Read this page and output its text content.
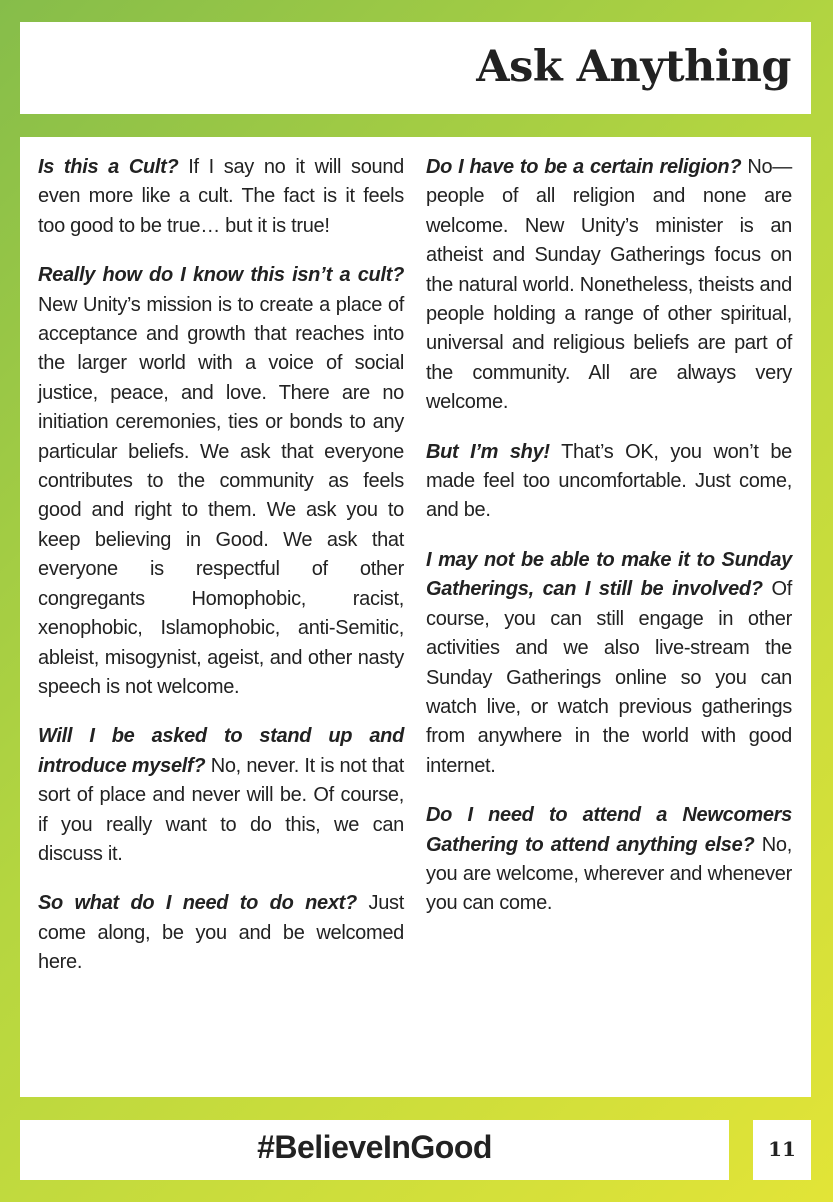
Ask Anything

Is this a Cult? If I say no it will sound even more like a cult. The fact is it feels too good to be true… but it is true!

Really how do I know this isn’t a cult? New Unity’s mission is to create a place of acceptance and growth that reaches into the larger world with a voice of social justice, peace, and love. There are no initiation ceremonies, ties or bonds to any particular beliefs. We ask that everyone contributes to the community as feels good and right to them. We ask you to keep believing in Good. We ask that everyone is respectful of other congregants Homophobic, racist, xenophobic, Islamophobic, anti-Semitic, ableist, misogynist, ageist, and other nasty speech is not welcome.

Will I be asked to stand up and introduce myself? No, never. It is not that sort of place and never will be. Of course, if you really want to do this, we can discuss it.

So what do I need to do next? Just come along, be you and be welcomed here.

Do I have to be a certain religion? No—people of all religion and none are welcome. New Unity’s minister is an atheist and Sunday Gatherings focus on the natural world. Nonetheless, theists and people holding a range of other spiritual, universal and religious beliefs are part of the community. All are always very welcome.

But I’m shy! That’s OK, you won’t be made feel too uncomfortable. Just come, and be.

I may not be able to make it to Sunday Gatherings, can I still be involved? Of course, you can still engage in other activities and we also live-stream the Sunday Gatherings online so you can watch live, or watch previous gatherings from anywhere in the world with good internet.

Do I need to attend a Newcomers Gathering to attend anything else? No, you are welcome, wherever and whenever you can come.

#BelieveInGood	11
